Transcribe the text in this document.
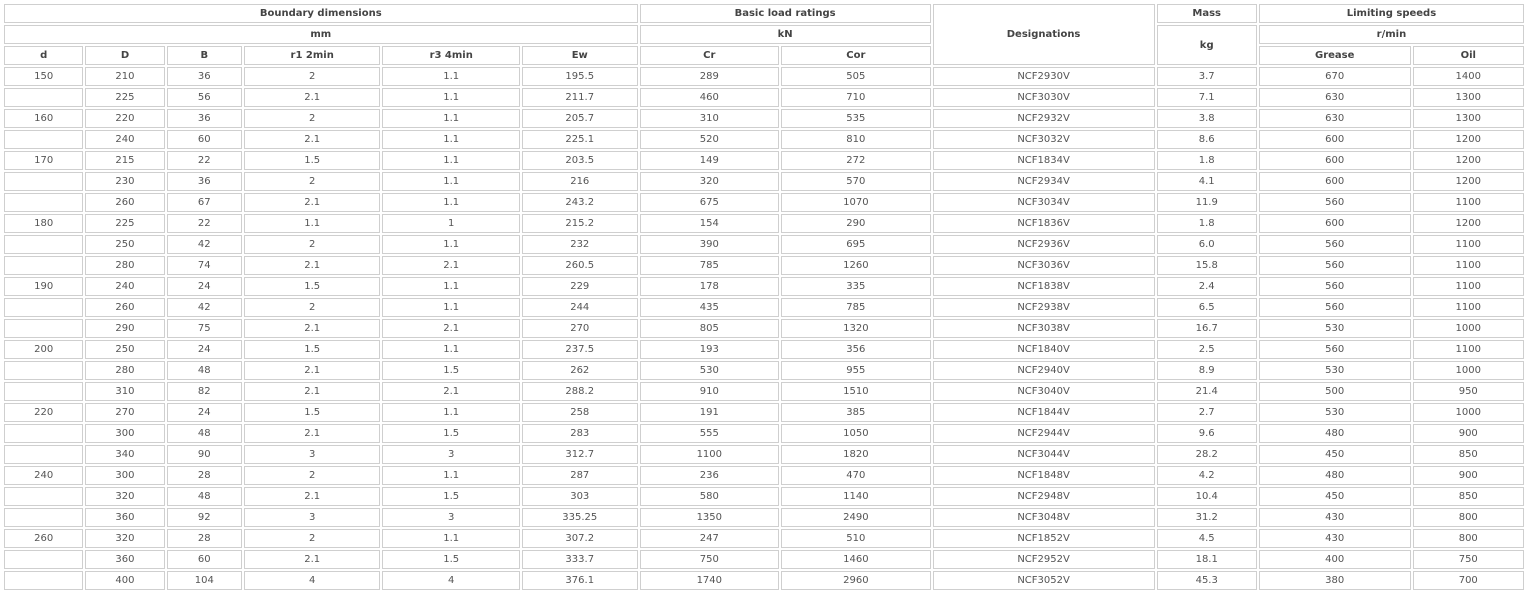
Boundary dimensions						Basic load ratings		Designations	Mass	Limiting speeds	
mm						kN			kg	r/min	
d	D	B	r1 2min	r3 4min	Ew	Cr	Cor			Grease	Oil
150	210	36	2	1.1	195.5	289	505	NCF2930V	3.7	670	1400
	225	56	2.1	1.1	211.7	460	710	NCF3030V	7.1	630	1300
160	220	36	2	1.1	205.7	310	535	NCF2932V	3.8	630	1300
	240	60	2.1	1.1	225.1	520	810	NCF3032V	8.6	600	1200
170	215	22	1.5	1.1	203.5	149	272	NCF1834V	1.8	600	1200
	230	36	2	1.1	216	320	570	NCF2934V	4.1	600	1200
	260	67	2.1	1.1	243.2	675	1070	NCF3034V	11.9	560	1100
180	225	22	1.1	1	215.2	154	290	NCF1836V	1.8	600	1200
	250	42	2	1.1	232	390	695	NCF2936V	6.0	560	1100
	280	74	2.1	2.1	260.5	785	1260	NCF3036V	15.8	560	1100
190	240	24	1.5	1.1	229	178	335	NCF1838V	2.4	560	1100
	260	42	2	1.1	244	435	785	NCF2938V	6.5	560	1100
	290	75	2.1	2.1	270	805	1320	NCF3038V	16.7	530	1000
200	250	24	1.5	1.1	237.5	193	356	NCF1840V	2.5	560	1100
	280	48	2.1	1.5	262	530	955	NCF2940V	8.9	530	1000
	310	82	2.1	2.1	288.2	910	1510	NCF3040V	21.4	500	950
220	270	24	1.5	1.1	258	191	385	NCF1844V	2.7	530	1000
	300	48	2.1	1.5	283	555	1050	NCF2944V	9.6	480	900
	340	90	3	3	312.7	1100	1820	NCF3044V	28.2	450	850
240	300	28	2	1.1	287	236	470	NCF1848V	4.2	480	900
	320	48	2.1	1.5	303	580	1140	NCF2948V	10.4	450	850
	360	92	3	3	335.25	1350	2490	NCF3048V	31.2	430	800
260	320	28	2	1.1	307.2	247	510	NCF1852V	4.5	430	800
	360	60	2.1	1.5	333.7	750	1460	NCF2952V	18.1	400	750
	400	104	4	4	376.1	1740	2960	NCF3052V	45.3	380	700
